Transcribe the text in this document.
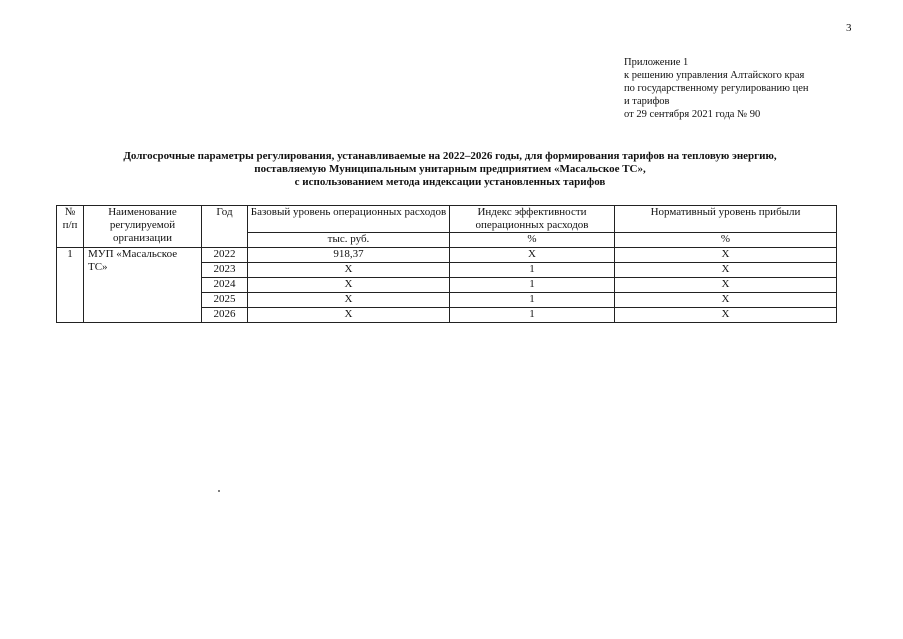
3
Приложение 1
к решению управления Алтайского края
по государственному регулированию цен
и тарифов
от 29 сентября 2021 года № 90
Долгосрочные параметры регулирования, устанавливаемые на 2022–2026 годы, для формирования тарифов на тепловую энергию,
поставляемую Муниципальным унитарным предприятием «Масальское ТС»,
с использованием метода индексации установленных тарифов
№ п/п	Наименование регулируемой организации	Год	Базовый уровень операционных расходов	Индекс эффективности операционных расходов	Нормативный уровень прибыли
			тыс. руб.	%	%
1	МУП «Масальское ТС»	2022	918,37	X	X
		2023	X	1	X
		2024	X	1	X
		2025	X	1	X
		2026	X	1	X
